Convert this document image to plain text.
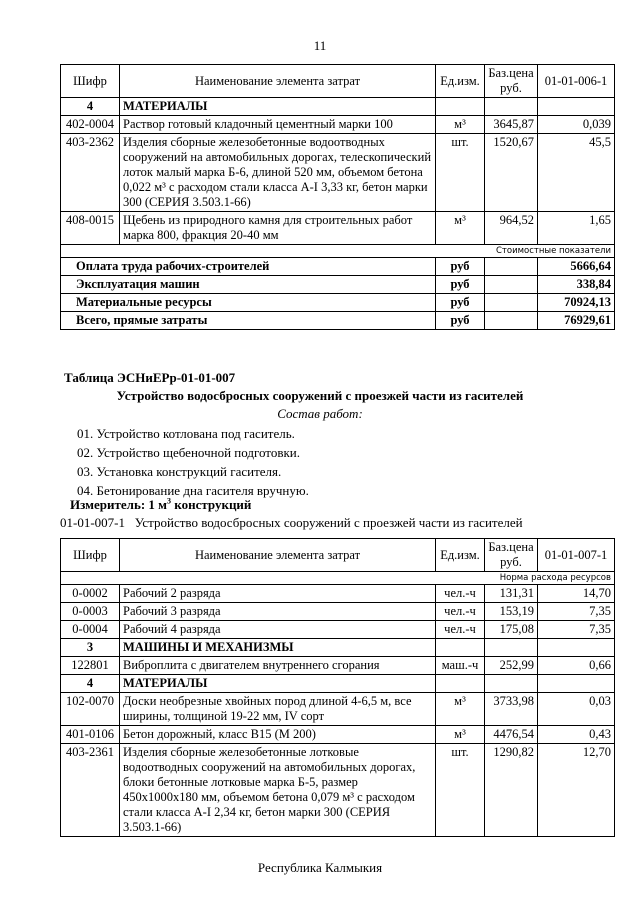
11
Шифр	Наименование элемента затрат	Ед.изм.	Баз.цена руб.	01-01-006-1
4	МАТЕРИАЛЫ			
402-0004	Раствор готовый кладочный цементный марки 100	м³	3645,87	0,039
403-2362	Изделия сборные железобетонные водоотводных сооружений на автомобильных дорогах, телескопический лоток малый марка Б-6, длиной 520 мм, объемом бетона 0,022 м³ с расходом стали класса А-I 3,33 кг, бетон марки 300 (СЕРИЯ 3.503.1-66)	шт.	1520,67	45,5
408-0015	Щебень из природного камня для строительных работ марка 800, фракция 20-40 мм	м³	964,52	1,65
Стоимостные показатели				
Оплата труда рабочих-строителей		руб		5666,64
Эксплуатация машин		руб		338,84
Материальные ресурсы		руб		70924,13
Всего, прямые затраты		руб		76929,61
Таблица ЭСНиЕРр-01-01-007
Устройство водосбросных сооружений с проезжей части из гасителей
Состав работ:
01. Устройство котлована под гаситель.
02. Устройство щебеночной подготовки.
03. Установка конструкций гасителя.
04. Бетонирование дна гасителя вручную.
Измеритель: 1 $м^3$ конструкций
01-01-007-1   Устройство водосбросных сооружений с проезжей части из гасителей
Шифр	Наименование элемента затрат	Ед.изм.	Баз.цена руб.	01-01-007-1
Норма расхода ресурсов				
0-0002	Рабочий 2 разряда	чел.-ч	131,31	14,70
0-0003	Рабочий 3 разряда	чел.-ч	153,19	7,35
0-0004	Рабочий 4 разряда	чел.-ч	175,08	7,35
3	МАШИНЫ И МЕХАНИЗМЫ			
122801	Виброплита с двигателем внутреннего сгорания	маш.-ч	252,99	0,66
4	МАТЕРИАЛЫ			
102-0070	Доски необрезные хвойных пород длиной 4-6,5 м, все ширины, толщиной 19-22 мм, IV сорт	м³	3733,98	0,03
401-0106	Бетон дорожный, класс В15 (М 200)	м³	4476,54	0,43
403-2361	Изделия сборные железобетонные лотковые водоотводных сооружений на автомобильных дорогах, блоки бетонные лотковые марка Б-5, размер 450х1000х180 мм, объемом бетона 0,079 м³ с расходом стали класса А-I 2,34 кг, бетон марки 300 (СЕРИЯ 3.503.1-66)	шт.	1290,82	12,70
Республика Калмыкия
